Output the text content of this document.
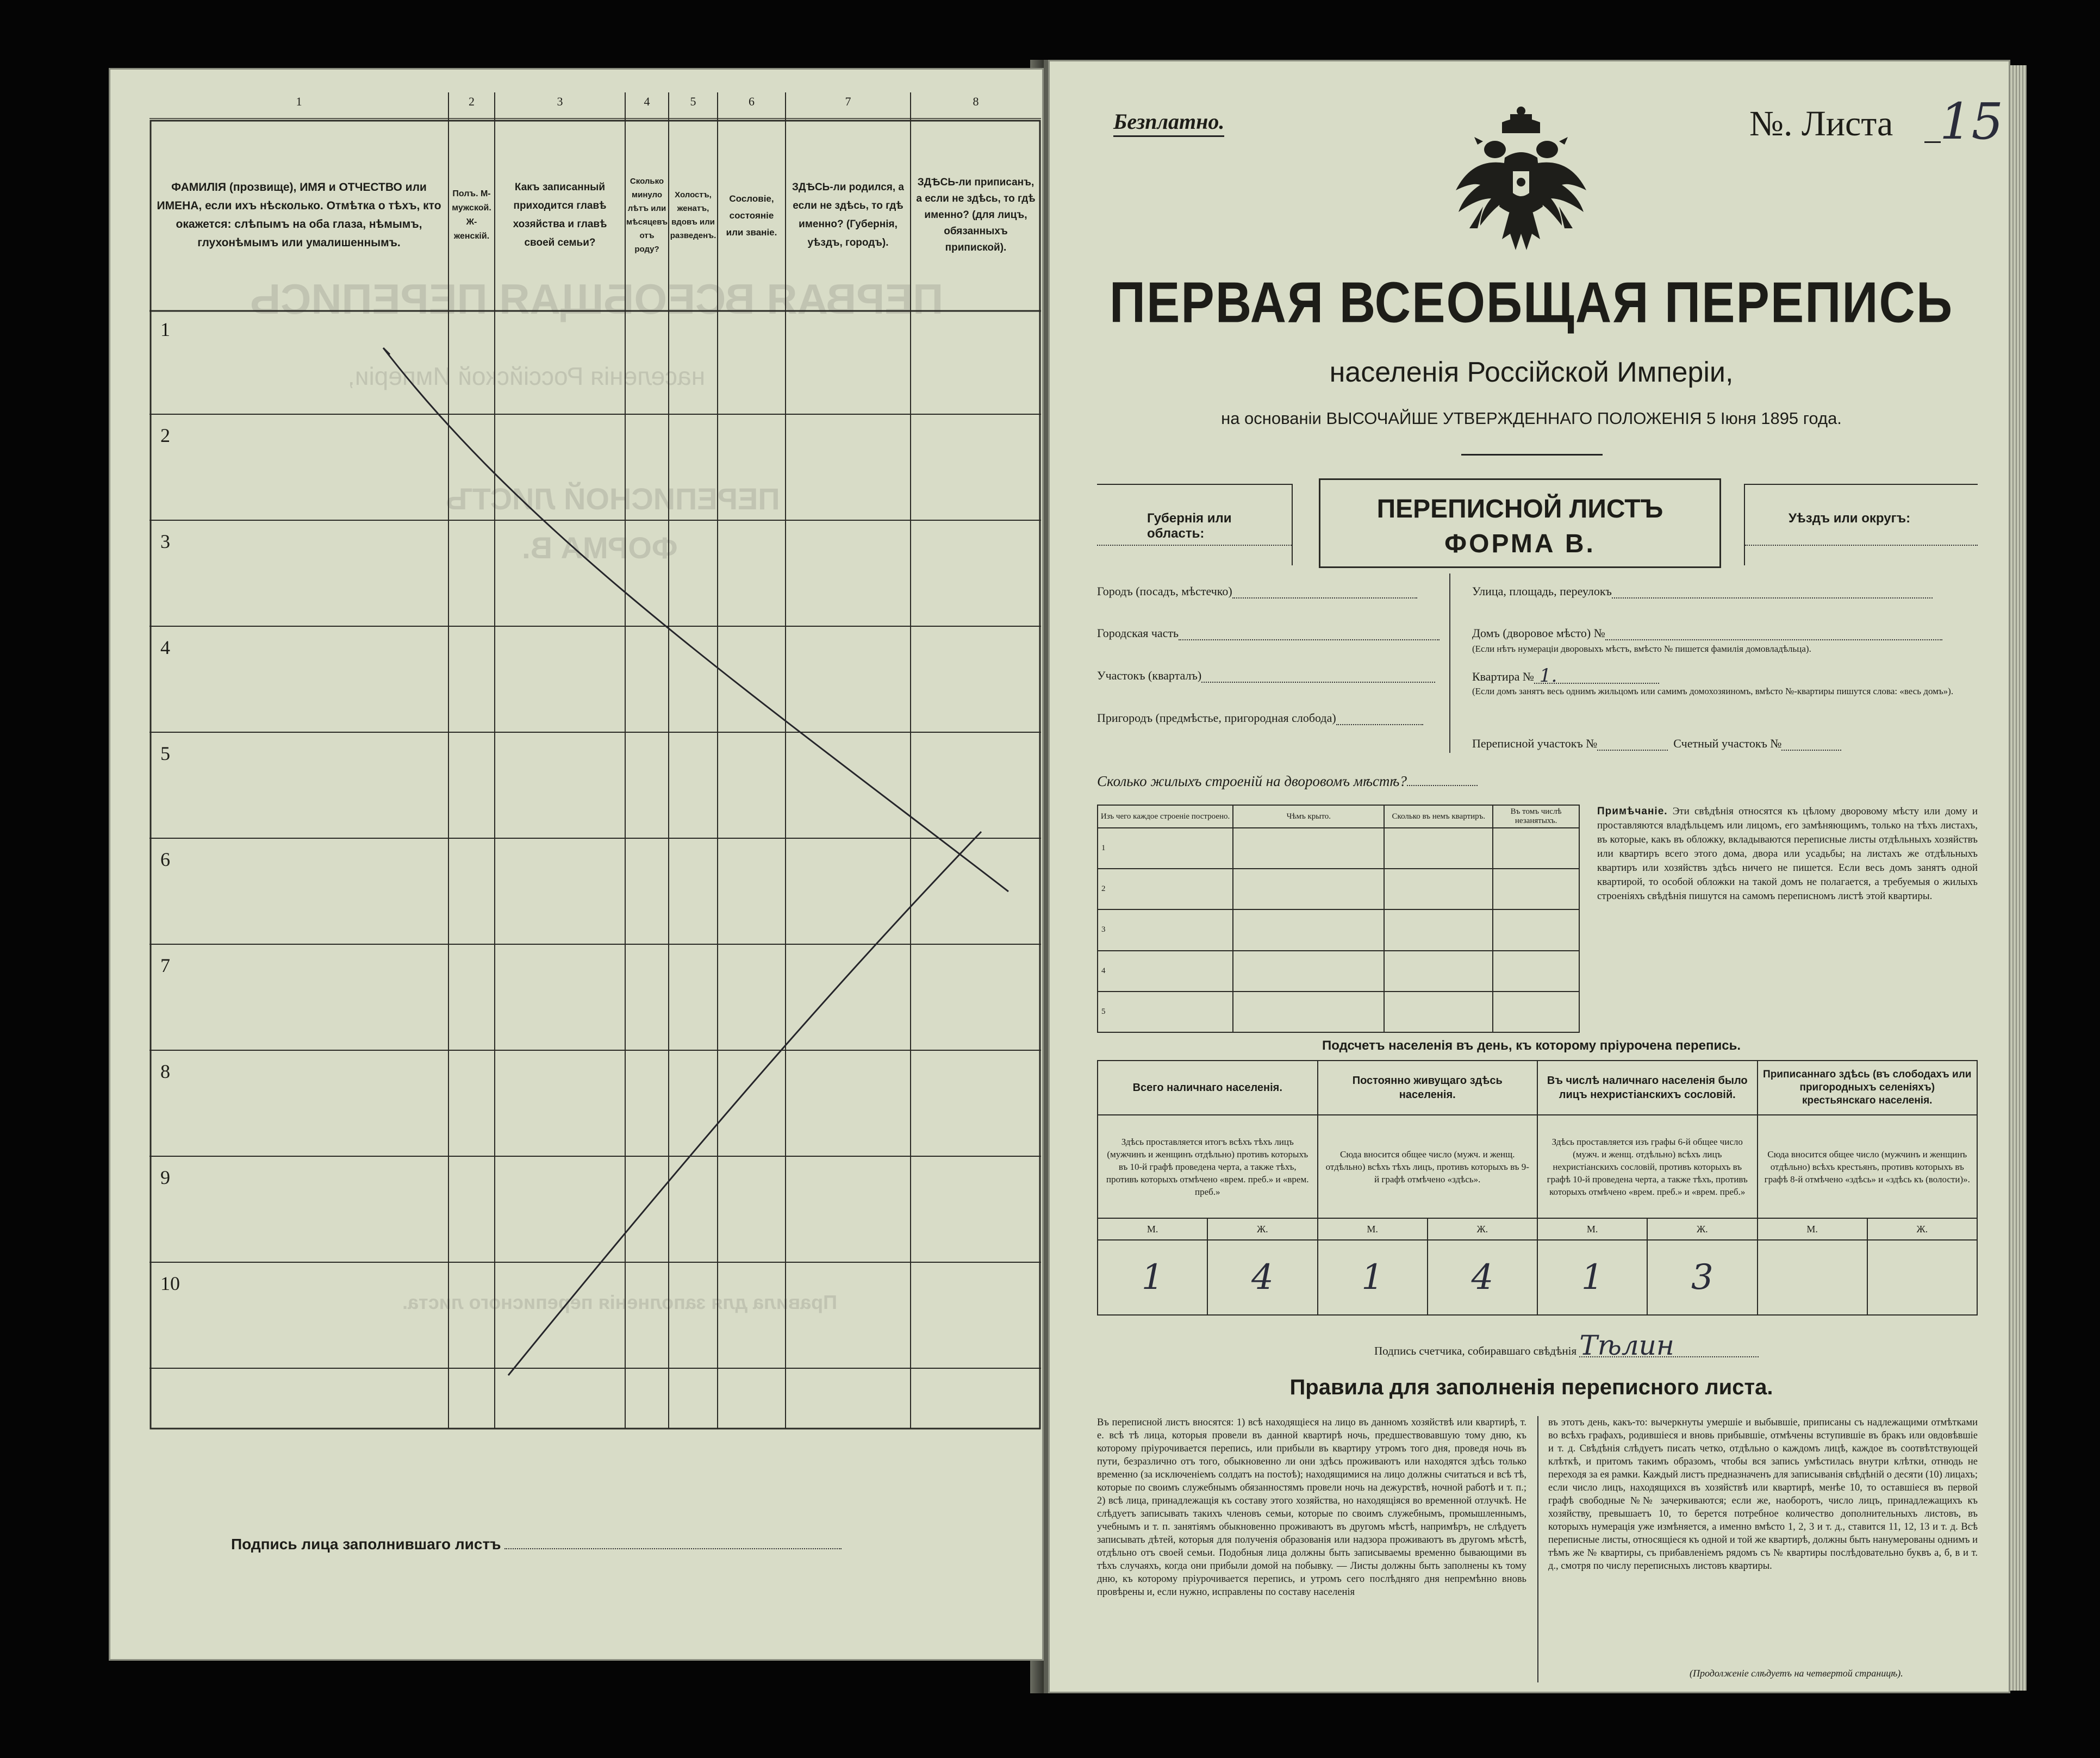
ПЕРВАЯ ВСЕОБЩАЯ ПЕРЕПИСЬ
населенія Россійской Имперіи,
ПЕРЕПИСНОЙ ЛИСТЪ
ФОРМА В.
Правила для заполненія переписного листа.
1	2	3	4	5	6	7	8
ФАМИЛІЯ (прозвище), ИМЯ и ОТЧЕСТВО или ИМЕНА, если ихъ нѣсколько. Отмѣтка о тѣхъ, кто окажется: слѣпымъ на оба глаза, нѣмымъ, глухонѣмымъ или умалишеннымъ.
Полъ. М-мужской. Ж-женскій.
Какъ записанный приходится главѣ хозяйства и главѣ своей семьи?
Сколько минуло лѣтъ или мѣсяцевъ отъ роду?
Холостъ, женатъ, вдовъ или разведенъ.
Сословіе, состояніе или званіе.
ЗДѢСЬ-ли родился, а если не здѣсь, то гдѣ именно? (Губернія, уѣздъ, городъ).
ЗДѢСЬ-ли приписанъ, а если не здѣсь, то гдѣ именно? (для лицъ, обязанныхъ припиской).
1
2
3
4
5
6
7
8
9
10
Подпись лица заполнившаго листъ
Безплатно.	№. Листа 15
ПЕРВАЯ ВСЕОБЩАЯ ПЕРЕПИСЬ
населенія Россійской Имперіи,
на основаніи ВЫСОЧАЙШЕ УТВЕРЖДЕННАГО ПОЛОЖЕНІЯ 5 Іюня 1895 года.
Губернія или область:
ПЕРЕПИСНОЙ ЛИСТЪ
ФОРМА В.
Уѣздъ или округъ:
Городъ (посадъ, мѣстечко)
Городская часть
Участокъ (кварталъ)
Пригородъ (предмѣстье, пригородная слобода)
Улица, площадь, переулокъ
Домъ (дворовое мѣсто) №
(Если нѣтъ нумераціи дворовыхъ мѣстъ, вмѣсто № пишется фамилія домовладѣльца).
Квартира № 1.
(Если домъ занятъ весь однимъ жильцомъ или самимъ домохозяиномъ, вмѣсто №-квартиры пишутся слова: «весь домъ»).
Переписной участокъ №	Счетный участокъ №
Сколько жилыхъ строеній на дворовомъ мѣстѣ?
Изъ чего каждое строеніе построено.	Чѣмъ крыто.	Сколько въ немъ квартиръ.	Въ томъ числѣ незанятыхъ.
1			
2			
3			
4			
5			
Примѣчаніе. Эти свѣдѣнія относятся къ цѣлому дворовому мѣсту или дому и проставляются владѣльцемъ или лицомъ, его замѣняющимъ, только на тѣхъ листахъ, въ которые, какъ въ обложку, вкладываются переписные листы отдѣльныхъ хозяйствъ или квартиръ всего этого дома, двора или усадьбы; на листахъ же отдѣльныхъ квартиръ или хозяйствъ здѣсь ничего не пишется. Если весь домъ занятъ одной квартирой, то особой обложки на такой домъ не полагается, а требуемыя о жилыхъ строеніяхъ свѣдѣнія пишутся на самомъ переписномъ листѣ этой квартиры.
Подсчетъ населенія въ день, къ которому пріурочена перепись.
Всего наличнаго населенія.		Постоянно живущаго здѣсь населенія.		Въ числѣ наличнаго населенія было лицъ нехристіанскихъ сословій.		Приписаннаго здѣсь (въ слободахъ или пригородныхъ селеніяхъ) крестьянскаго населенія.	
Здѣсь проставляется итогъ всѣхъ тѣхъ лицъ (мужчинъ и женщинъ отдѣльно) противъ которыхъ въ 10-й графѣ проведена черта, а также тѣхъ, противъ которыхъ отмѣчено «врем. преб.» и «врем. преб.»		Сюда вносится общее число (мужч. и женщ. отдѣльно) всѣхъ тѣхъ лицъ, противъ которыхъ въ 9-й графѣ отмѣчено «здѣсь».		Здѣсь проставляется изъ графы 6-й общее число (мужч. и женщ. отдѣльно) всѣхъ лицъ нехристіанскихъ сословій, противъ которыхъ въ графѣ 10-й проведена черта, а также тѣхъ, противъ которыхъ отмѣчено «врем. преб.» и «врем. преб.»		Сюда вносится общее число (мужчинъ и женщинъ отдѣльно) всѣхъ крестьянъ, противъ которыхъ въ графѣ 8-й отмѣчено «здѣсь» и «здѣсь къ (волости)».	
М.	Ж.	М.	Ж.	М.	Ж.	М.	Ж.
1	4	1	4	1	3		
Подпись счетчика, собиравшаго свѣдѣнія Тѣлин
Правила для заполненія переписного листа.
Въ переписной листъ вносятся: 1) всѣ находящіеся на лицо въ данномъ хозяйствѣ или квартирѣ, т. е. всѣ тѣ лица, которыя провели въ данной квартирѣ ночь, предшествовавшую тому дню, къ которому пріурочивается перепись, или прибыли въ квартиру утромъ того дня, проведя ночь въ пути, безразлично отъ того, обыкновенно ли они здѣсь проживаютъ или находятся здѣсь только временно (за исключеніемъ солдатъ на постоѣ); находящимися на лицо должны считаться и всѣ тѣ, которые по своимъ служебнымъ обязанностямъ провели ночь на дежурствѣ, ночной работѣ и т. п.; 2) всѣ лица, принадлежащія къ составу этого хозяйства, но находящіяся во временной отлучкѣ. Не слѣдуетъ записывать такихъ членовъ семьи, которые по своимъ служебнымъ, промышленнымъ, учебнымъ и т. п. занятіямъ обыкновенно проживаютъ въ другомъ мѣстѣ, напримѣръ, не слѣдуетъ записывать дѣтей, которыя для полученія образованія или надзора проживаютъ въ другомъ мѣстѣ, отдѣльно отъ своей семьи. Подобныя лица должны быть записываемы временно бывающими въ тѣхъ случаяхъ, когда они прибыли домой на побывку. — Листы должны быть заполнены къ тому дню, къ которому пріурочивается перепись, и утромъ сего послѣдняго дня непремѣнно вновь провѣрены и, если нужно, исправлены по составу населенія
въ этотъ день, какъ-то: вычеркнуты умершіе и выбывшіе, приписаны съ надлежащими отмѣтками во всѣхъ графахъ, родившіеся и вновь прибывшіе, отмѣчены вступившіе въ бракъ или овдовѣвшіе и т. д. Свѣдѣнія слѣдуетъ писать четко, отдѣльно о каждомъ лицѣ, каждое въ соотвѣтствующей клѣткѣ, и притомъ такимъ образомъ, чтобы вся запись умѣстилась внутри клѣтки, отнюдь не переходя за ея рамки. Каждый листъ предназначенъ для записыванія свѣдѣній о десяти (10) лицахъ; если число лицъ, находящихся въ хозяйствѣ или квартирѣ, менѣе 10, то оставшіеся въ первой графѣ свободные №№ зачеркиваются; если же, наоборотъ, число лицъ, принадлежащихъ къ хозяйству, превышаетъ 10, то берется потребное количество дополнительныхъ листовъ, въ которыхъ нумерація уже измѣняется, а именно вмѣсто 1, 2, 3 и т. д., ставится 11, 12, 13 и т. д. Всѣ переписные листы, относящіеся къ одной и той же квартирѣ, должны быть нанумерованы однимъ и тѣмъ же № квартиры, съ прибавленіемъ рядомъ съ № квартиры послѣдовательно буквъ а, б, в и т. д., смотря по числу переписныхъ листовъ квартиры.
(Продолженіе слѣдуетъ на четвертой страницѣ).
